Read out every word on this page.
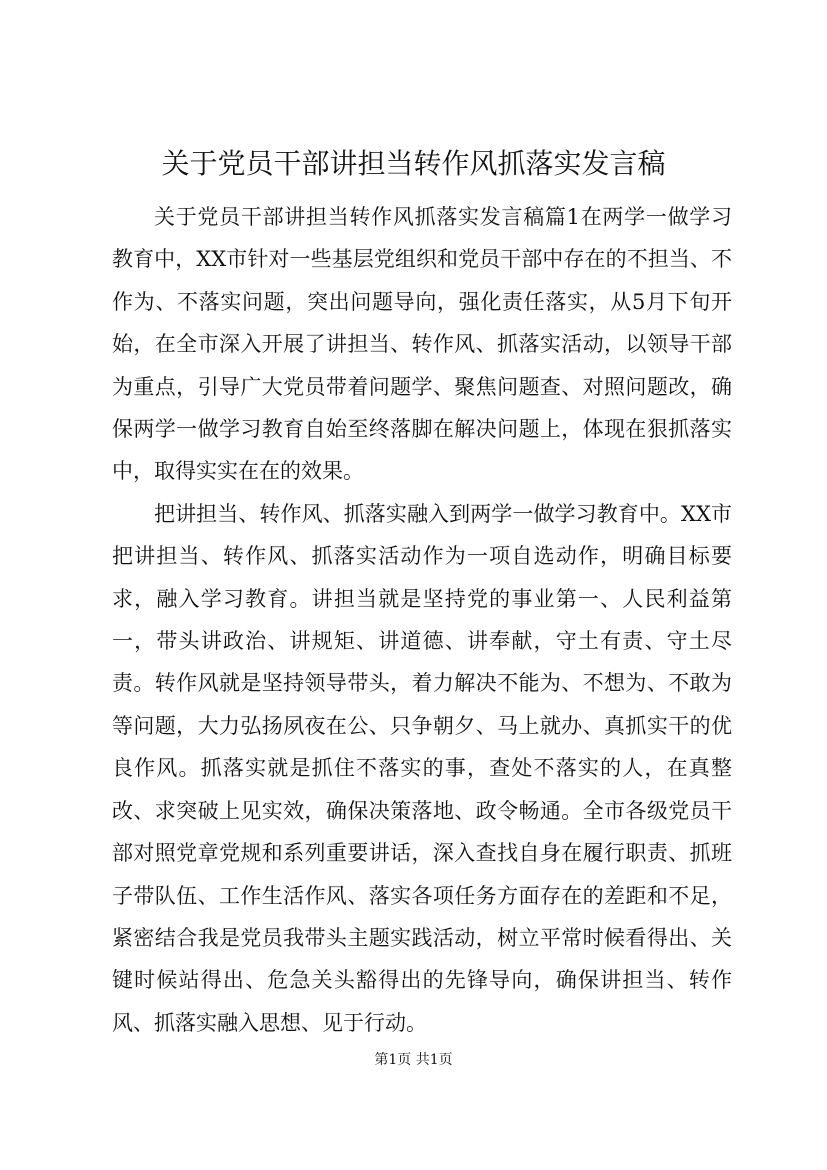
关于党员干部讲担当转作风抓落实发言稿

关于党员干部讲担当转作风抓落实发言稿篇1在两学一做学习教育中，XX市针对一些基层党组织和党员干部中存在的不担当、不作为、不落实问题，突出问题导向，强化责任落实，从5月下旬开始，在全市深入开展了讲担当、转作风、抓落实活动，以领导干部为重点，引导广大党员带着问题学、聚焦问题查、对照问题改，确保两学一做学习教育自始至终落脚在解决问题上，体现在狠抓落实中，取得实实在在的效果。

把讲担当、转作风、抓落实融入到两学一做学习教育中。XX市把讲担当、转作风、抓落实活动作为一项自选动作，明确目标要求，融入学习教育。讲担当就是坚持党的事业第一、人民利益第一，带头讲政治、讲规矩、讲道德、讲奉献，守土有责、守土尽责。转作风就是坚持领导带头，着力解决不能为、不想为、不敢为等问题，大力弘扬夙夜在公、只争朝夕、马上就办、真抓实干的优良作风。抓落实就是抓住不落实的事，查处不落实的人，在真整改、求突破上见实效，确保决策落地、政令畅通。全市各级党员干部对照党章党规和系列重要讲话，深入查找自身在履行职责、抓班子带队伍、工作生活作风、落实各项任务方面存在的差距和不足，紧密结合我是党员我带头主题实践活动，树立平常时候看得出、关键时候站得出、危急关头豁得出的先锋导向，确保讲担当、转作风、抓落实融入思想、见于行动。

第1页 共1页
